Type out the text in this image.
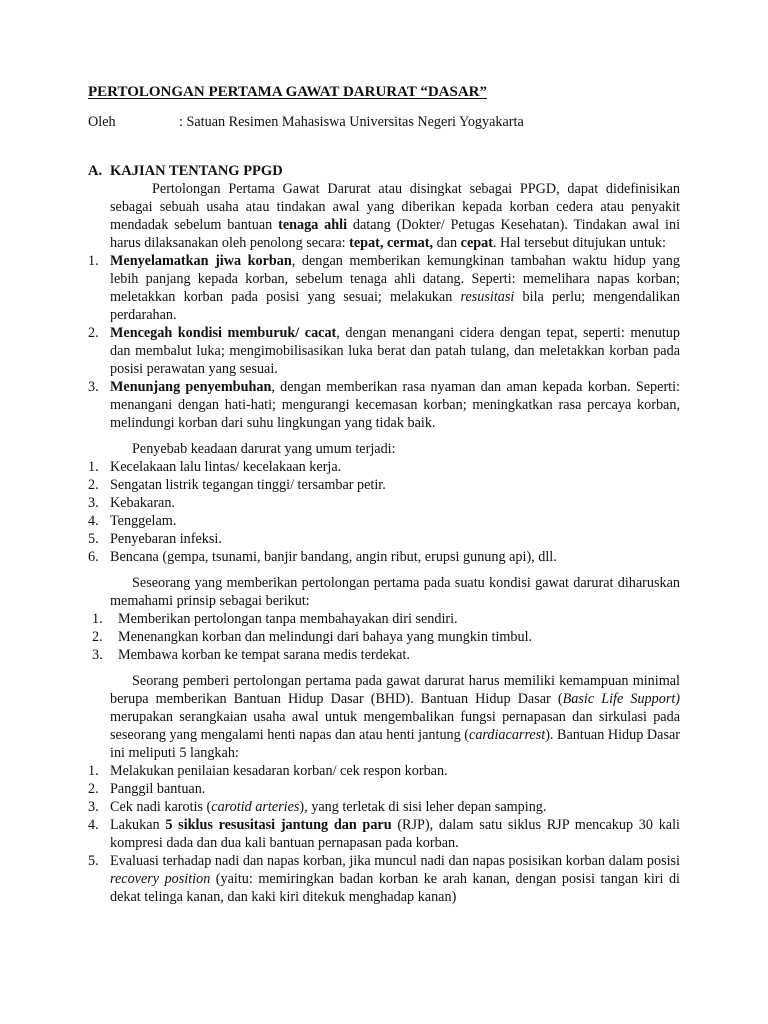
PERTOLONGAN PERTAMA GAWAT DARURAT “DASAR”
Oleh	: Satuan Resimen Mahasiswa Universitas Negeri Yogyakarta
A. KAJIAN TENTANG PPGD

Pertolongan Pertama Gawat Darurat atau disingkat sebagai PPGD, dapat didefinisikan sebagai sebuah usaha atau tindakan awal yang diberikan kepada korban cedera atau penyakit mendadak sebelum bantuan tenaga ahli datang (Dokter/ Petugas Kesehatan). Tindakan awal ini harus dilaksanakan oleh penolong secara: tepat, cermat, dan cepat. Hal tersebut ditujukan untuk:

1. Menyelamatkan jiwa korban, dengan memberikan kemungkinan tambahan waktu hidup yang lebih panjang kepada korban, sebelum tenaga ahli datang. Seperti: memelihara napas korban; meletakkan korban pada posisi yang sesuai; melakukan resusitasi bila perlu; mengendalikan perdarahan.
2. Mencegah kondisi memburuk/ cacat, dengan menangani cidera dengan tepat, seperti: menutup dan membalut luka; mengimobilisasikan luka berat dan patah tulang, dan meletakkan korban pada posisi perawatan yang sesuai.
3. Menunjang penyembuhan, dengan memberikan rasa nyaman dan aman kepada korban. Seperti: menangani dengan hati-hati; mengurangi kecemasan korban; meningkatkan rasa percaya korban, melindungi korban dari suhu lingkungan yang tidak baik.

Penyebab keadaan darurat yang umum terjadi:

1. Kecelakaan lalu lintas/ kecelakaan kerja.
2. Sengatan listrik tegangan tinggi/ tersambar petir.
3. Kebakaran.
4. Tenggelam.
5. Penyebaran infeksi.
6. Bencana (gempa, tsunami, banjir bandang, angin ribut, erupsi gunung api), dll.

Seseorang yang memberikan pertolongan pertama pada suatu kondisi gawat darurat diharuskan memahami prinsip sebagai berikut:

1.	Memberikan pertolongan tanpa membahayakan diri sendiri.
2.	Menenangkan korban dan melindungi dari bahaya yang mungkin timbul.
3.	Membawa korban ke tempat sarana medis terdekat.

Seorang pemberi pertolongan pertama pada gawat darurat harus memiliki kemampuan minimal berupa memberikan Bantuan Hidup Dasar (BHD). Bantuan Hidup Dasar (Basic Life Support) merupakan serangkaian usaha awal untuk mengembalikan fungsi pernapasan dan sirkulasi pada seseorang yang mengalami henti napas dan atau henti jantung (cardiacarrest). Bantuan Hidup Dasar ini meliputi 5 langkah:

1. Melakukan penilaian kesadaran korban/ cek respon korban.
2. Panggil bantuan.
3. Cek nadi karotis (carotid arteries), yang terletak di sisi leher depan samping.
4. Lakukan 5 siklus resusitasi jantung dan paru (RJP), dalam satu siklus RJP mencakup 30 kali kompresi dada dan dua kali bantuan pernapasan pada korban.
5. Evaluasi terhadap nadi dan napas korban, jika muncul nadi dan napas posisikan korban dalam posisi recovery position (yaitu: memiringkan badan korban ke arah kanan, dengan posisi tangan kiri di dekat telinga kanan, dan kaki kiri ditekuk menghadap kanan)
